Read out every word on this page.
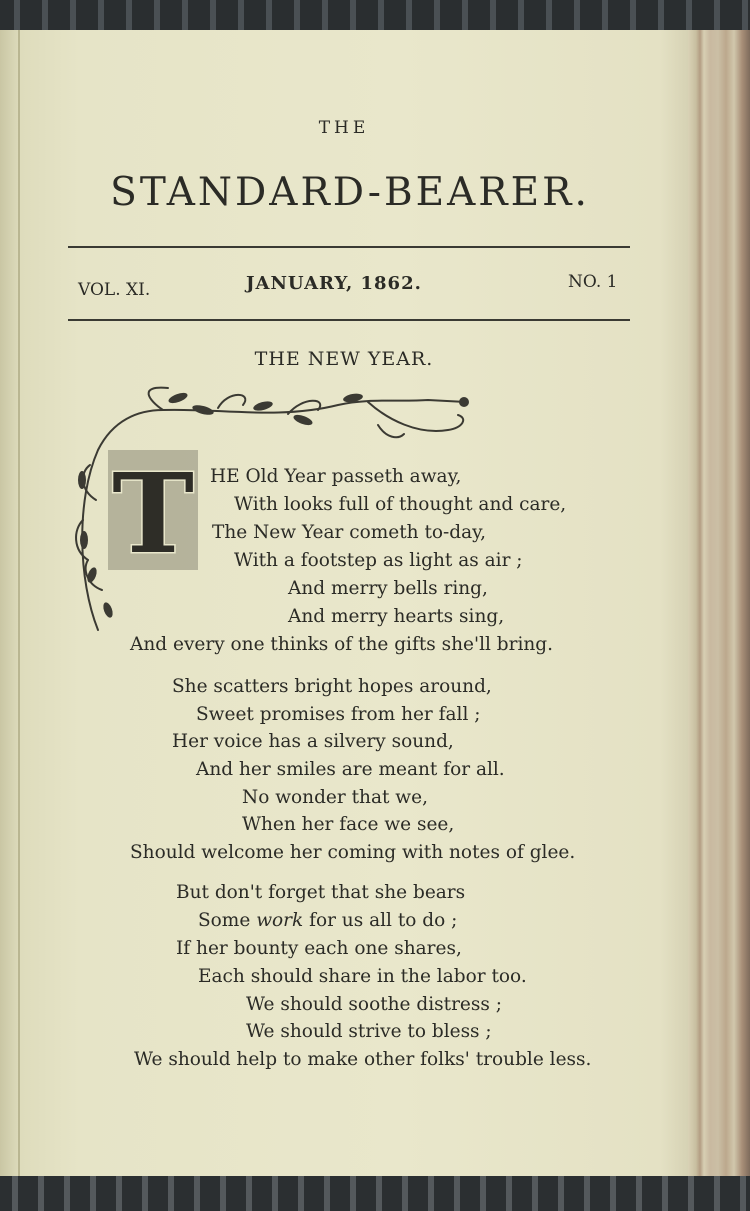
THE

STANDARD-BEARER.

VOL. XI.	JANUARY, 1862.	NO. 1

THE NEW YEAR.
T HE Old Year passeth away,

With looks full of thought and care,

The New Year cometh to-day,

With a footstep as light as air ;

And merry bells ring,

And merry hearts sing,

And every one thinks of the gifts she'll bring.

She scatters bright hopes around,

Sweet promises from her fall ;

Her voice has a silvery sound,

And her smiles are meant for all.

No wonder that we,

When her face we see,

Should welcome her coming with notes of glee.

But don't forget that she bears

Some work for us all to do ;

If her bounty each one shares,

Each should share in the labor too.

We should soothe distress ;

We should strive to bless ;

We should help to make other folks' trouble less.
